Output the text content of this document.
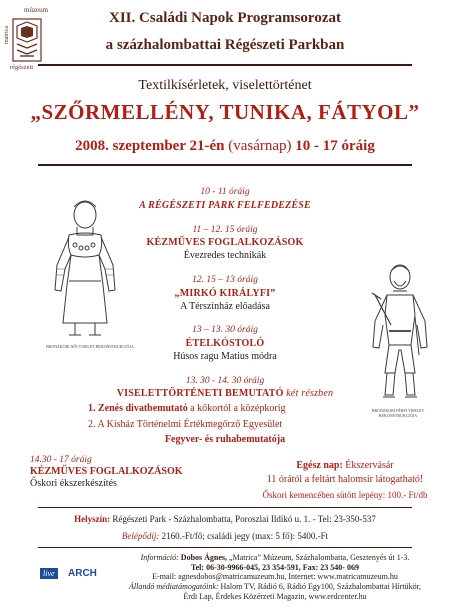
múzeum
matrica
régészeti
XII. Családi Napok Programsorozat
a százhalombattai Régészeti Parkban
Textilkísérletek, viselettörténet
„SZŐRMELLÉNY, TUNIKA, FÁTYOL”
2008. szeptember 21-én (vasárnap) 10 - 17 óráig
10 - 11 óráig
A RÉGÉSZETI PARK FELFEDEZÉSE
11 – 12. 15 óráig
KÉZMŰVES FOGLALKOZÁSOK
Évezredes technikák
12. 15 – 13 óráig
„MIRKÓ KIRÁLYFI”
A Térszínház előadása
13 – 13. 30 óráig
ÉTELKÓSTOLÓ
Húsos ragu Matius módra
13. 30 - 14. 30 óráig
VISELETTÖRTÉNETI BEMUTATÓ két részben
1. Zenés divatbemutató a kőkortól a középkorig
2. A Kisház Történelmi Értékmegőrző Egyesület
Fegyver- és ruhabemutatója
BRONZKORI NŐI VISELET REKONSTRUKCIÓJA
BRONZKORI FÉRFI VISELET REKONSTRUKCIÓJA
14.30 - 17 óráig
KÉZMŰVES FOGLALKOZÁSOK
Őskori ékszerkészítés
Egész nap: Ékszervásár
11 órától a feltárt halomsír látogatható!
Őskori kemencében sütött lepény: 100.- Ft/db
Helyszín: Régészeti Park - Százhalombatta, Poroszlai Ildikó u. 1. - Tel: 23-350-537
Belépődíj: 2160.-Ft/fő; családi jegy (max: 5 fő): 5400.-Ft
live	ARCH
Információ: Dobos Ágnes, „Matrica” Múzeum, Százhalombatta, Gesztenyés út 1-3.
Tel: 06-30-9966-045, 23 354-591, Fax: 23 540- 069
E-mail: agnesdobos@matricamuzeum.hu, Internet: www.matricamuzeum.hu
Állandó médiatámogatóink: Halom TV, Rádió 6, Rádió Egy100, Százhalombattai Hírtükör,
Érdi Lap, Érdekes Közérzeti Magazin, www.erdcenter.hu
